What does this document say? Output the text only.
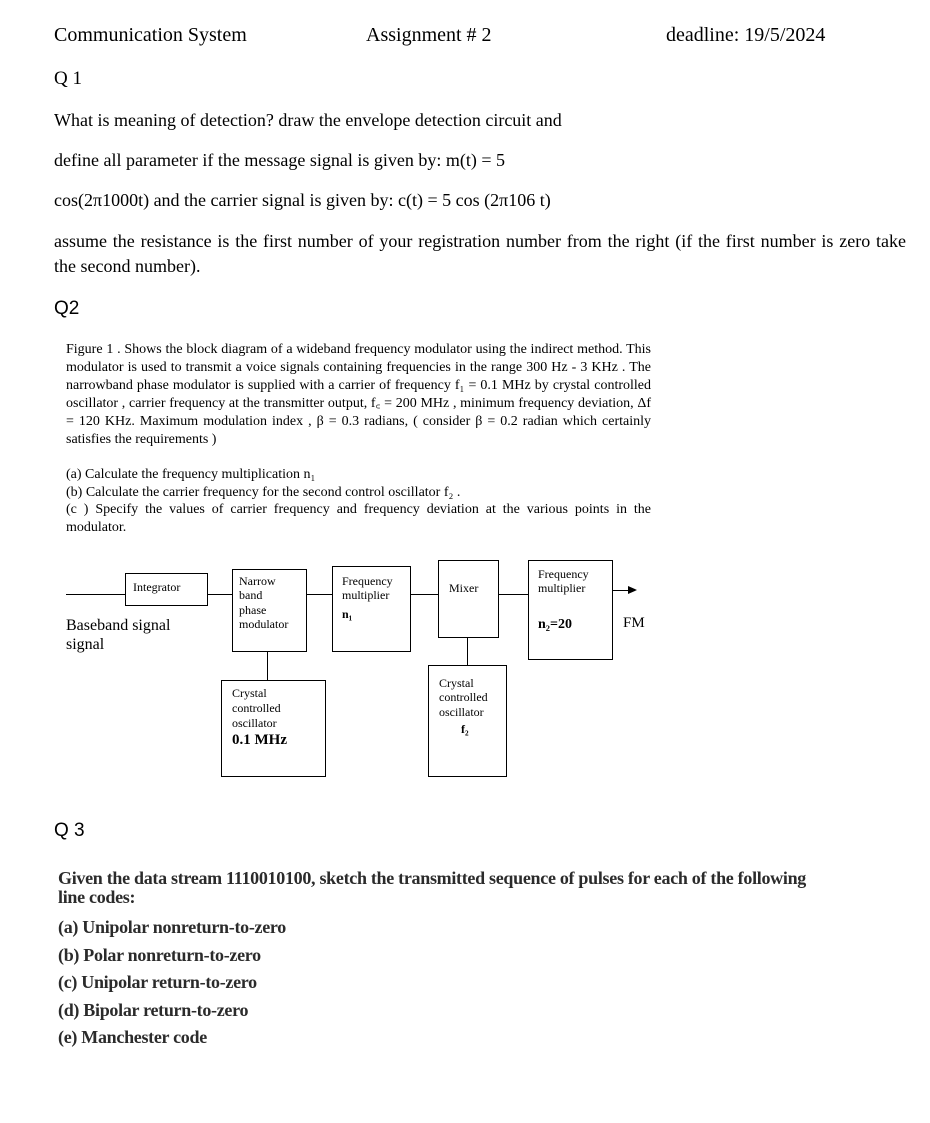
Communication System	Assignment # 2	deadline: 19/5/2024
Q 1
What is meaning of detection? draw the envelope detection circuit and
define all parameter if the message signal is given by: m(t) = 5
cos(2π1000t) and the carrier signal is given by: c(t) = 5 cos (2π106 t)
assume the resistance is the first number of your registration number from the right (if the first number is zero take the second number).
Q2
Figure 1 . Shows the block diagram of a wideband frequency modulator using the indirect method. This modulator is used to transmit a voice signals containing frequencies in the range 300 Hz - 3 KHz . The narrowband phase modulator is supplied with a carrier of frequency f₁ = 0.1 MHz by crystal controlled oscillator , carrier frequency at the transmitter output, f꜀ = 200 MHz , minimum frequency deviation, Δf = 120 KHz. Maximum modulation index , β = 0.3 radians, ( consider β = 0.2 radian which certainly satisfies the requirements )
(a) Calculate the frequency multiplication n₁
(b) Calculate the carrier frequency for the second control oscillator f₂ .
(c ) Specify the values of carrier frequency and frequency deviation at the various points in the modulator.
Integrator
Baseband signal
signal
Narrow
band
phase
modulator
Frequency
multiplier
n₁
Mixer
Frequency
multiplier
n₂=20	FM
Crystal
controlled
oscillator
0.1 MHz
Crystal
controlled
oscillator
f₂
Q 3
Given the data stream 1110010100, sketch the transmitted sequence of pulses for each of the following line codes:
(a) Unipolar nonreturn-to-zero
(b) Polar nonreturn-to-zero
(c) Unipolar return-to-zero
(d) Bipolar return-to-zero
(e) Manchester code
